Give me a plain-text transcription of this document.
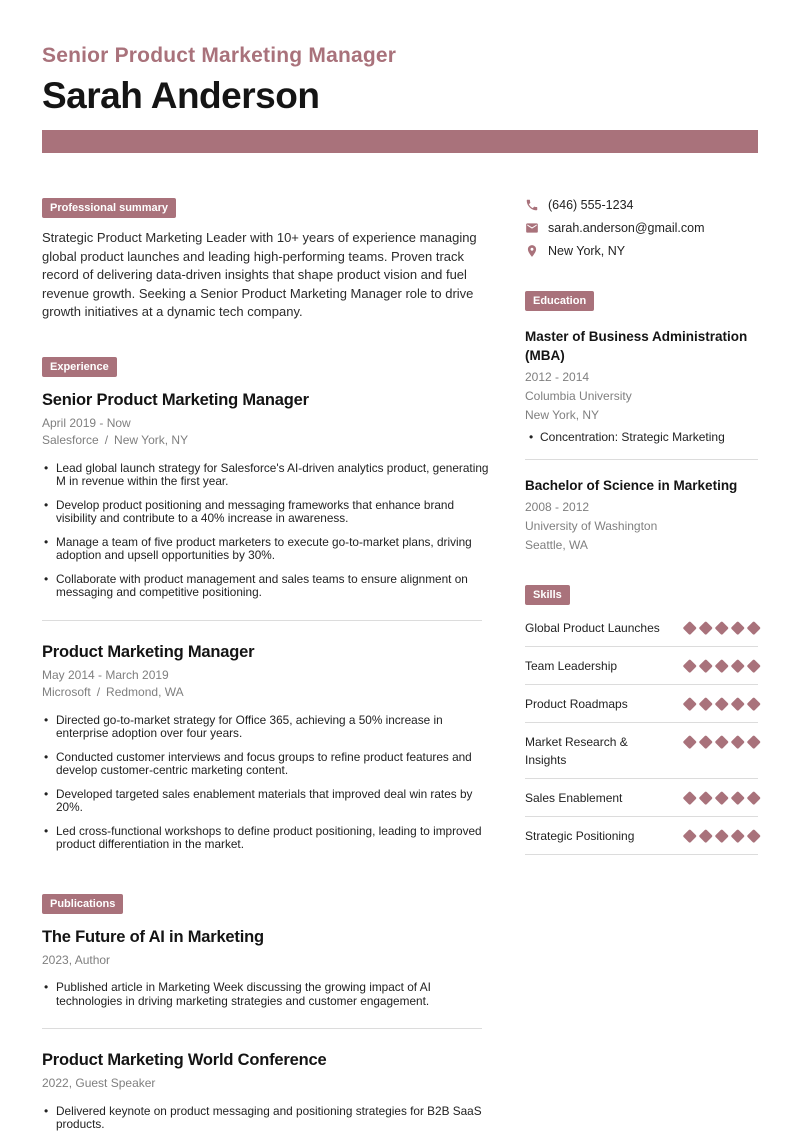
Senior Product Marketing Manager
Sarah Anderson
Professional summary

Strategic Product Marketing Leader with 10+ years of experience managing global product launches and leading high-performing teams. Proven track record of delivering data-driven insights that shape product vision and fuel revenue growth. Seeking a Senior Product Marketing Manager role to drive growth initiatives at a dynamic tech company.

Experience
Senior Product Marketing Manager
April 2019 - Now
Salesforce / New York, NY
• Lead global launch strategy for Salesforce's AI-driven analytics product, generating M in revenue within the first year.
• Develop product positioning and messaging frameworks that enhance brand visibility and contribute to a 40% increase in awareness.
• Manage a team of five product marketers to execute go-to-market plans, driving adoption and upsell opportunities by 30%.
• Collaborate with product management and sales teams to ensure alignment on messaging and competitive positioning.
Product Marketing Manager
May 2014 - March 2019
Microsoft / Redmond, WA
• Directed go-to-market strategy for Office 365, achieving a 50% increase in enterprise adoption over four years.
• Conducted customer interviews and focus groups to refine product features and develop customer-centric marketing content.
• Developed targeted sales enablement materials that improved deal win rates by 20%.
• Led cross-functional workshops to define product positioning, leading to improved product differentiation in the market.
Publications
The Future of AI in Marketing
2023, Author
• Published article in Marketing Week discussing the growing impact of AI technologies in driving marketing strategies and customer engagement.
Product Marketing World Conference
2022, Guest Speaker
• Delivered keynote on product messaging and positioning strategies for B2B SaaS products.
(646) 555-1234
sarah.anderson@gmail.com
New York, NY
Education
Master of Business Administration (MBA)
2012 - 2014
Columbia University
New York, NY
• Concentration: Strategic Marketing
Bachelor of Science in Marketing
2008 - 2012
University of Washington
Seattle, WA
Skills
Global Product Launches
Team Leadership
Product Roadmaps
Market Research & Insights
Sales Enablement
Strategic Positioning
